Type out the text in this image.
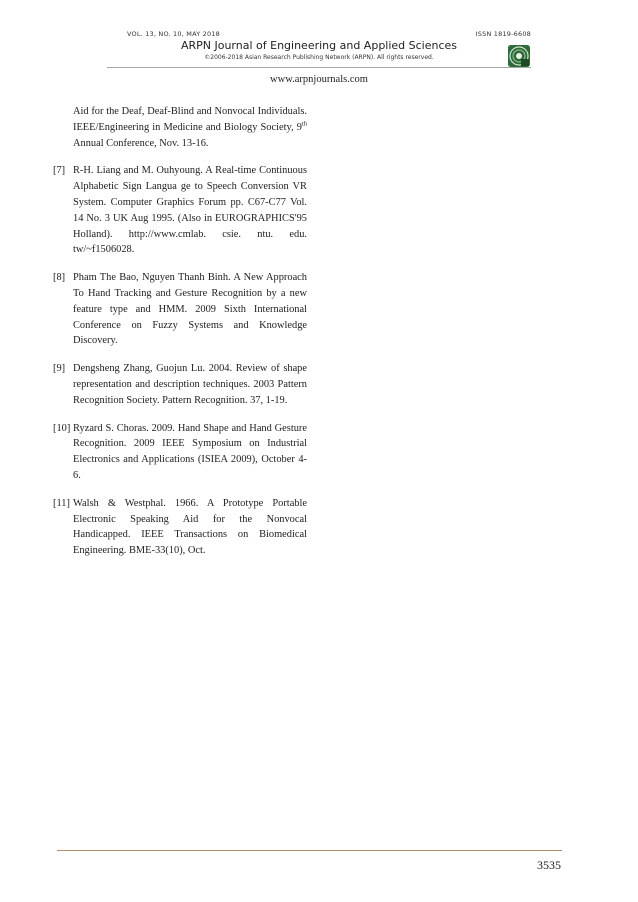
VOL. 13, NO. 10, MAY 2018	ISSN 1819-6608
ARPN Journal of Engineering and Applied Sciences
©2006-2018 Asian Research Publishing Network (ARPN). All rights reserved.
www.arpnjournals.com
Aid for the Deaf, Deaf-Blind and Nonvocal Individuals. IEEE/Engineering in Medicine and Biology Society, 9th Annual Conference, Nov. 13-16.
[7] R-H. Liang and M. Ouhyoung. A Real-time Continuous Alphabetic Sign Langua ge to Speech Conversion VR System. Computer Graphics Forum pp. C67-C77 Vol. 14 No. 3 UK Aug 1995. (Also in EUROGRAPHICS'95 Holland). http://www.cmlab. csie. ntu. edu. tw/~f1506028.
[8] Pham The Bao, Nguyen Thanh Binh. A New Approach To Hand Tracking and Gesture Recognition by a new feature type and HMM. 2009 Sixth International Conference on Fuzzy Systems and Knowledge Discovery.
[9] Dengsheng Zhang, Guojun Lu. 2004. Review of shape representation and description techniques. 2003 Pattern Recognition Society. Pattern Recognition. 37, 1-19.
[10] Ryzard S. Choras. 2009. Hand Shape and Hand Gesture Recognition. 2009 IEEE Symposium on Industrial Electronics and Applications (ISIEA 2009), October 4-6.
[11] Walsh & Westphal. 1966. A Prototype Portable Electronic Speaking Aid for the Nonvocal Handicapped. IEEE Transactions on Biomedical Engineering. BME-33(10), Oct.
3535
